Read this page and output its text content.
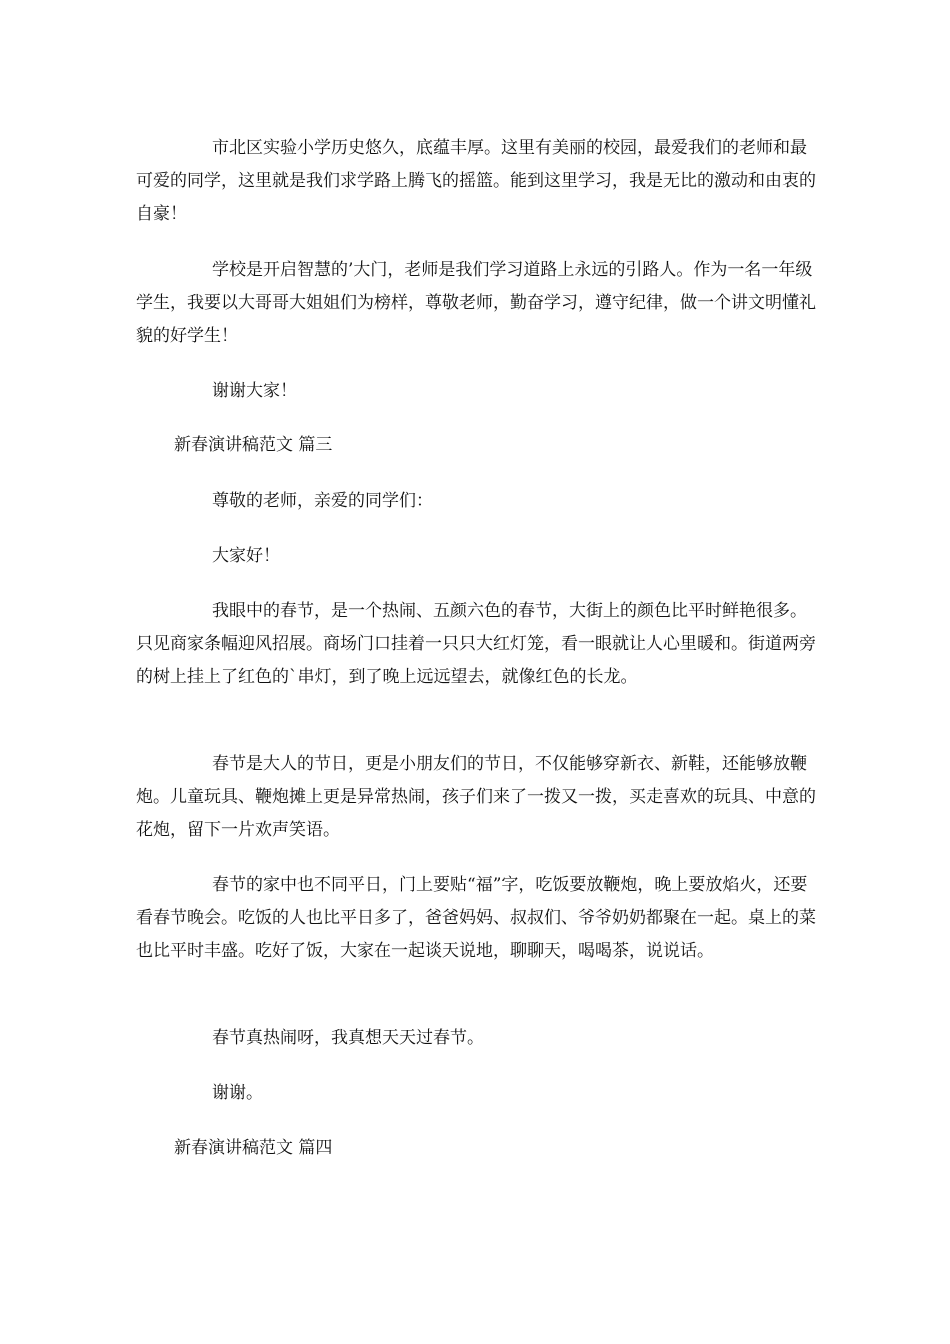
市北区实验小学历史悠久，底蕴丰厚。这里有美丽的校园，最爱我们的老师和最可爱的同学，这里就是我们求学路上腾飞的摇篮。能到这里学习，我是无比的激动和由衷的自豪！

学校是开启智慧的’大门，老师是我们学习道路上永远的引路人。作为一名一年级学生，我要以大哥哥大姐姐们为榜样，尊敬老师，勤奋学习，遵守纪律，做一个讲文明懂礼貌的好学生！

谢谢大家！

新春演讲稿范文 篇三

尊敬的老师，亲爱的同学们：

大家好！

我眼中的春节，是一个热闹、五颜六色的春节，大街上的颜色比平时鲜艳很多。只见商家条幅迎风招展。商场门口挂着一只只大红灯笼，看一眼就让人心里暖和。街道两旁的树上挂上了红色的`串灯，到了晚上远远望去，就像红色的长龙。

春节是大人的节日，更是小朋友们的节日，不仅能够穿新衣、新鞋，还能够放鞭炮。儿童玩具、鞭炮摊上更是异常热闹，孩子们来了一拨又一拨，买走喜欢的玩具、中意的花炮，留下一片欢声笑语。

春节的家中也不同平日，门上要贴“福”字，吃饭要放鞭炮，晚上要放焰火，还要看春节晚会。吃饭的人也比平日多了，爸爸妈妈、叔叔们、爷爷奶奶都聚在一起。桌上的菜也比平时丰盛。吃好了饭，大家在一起谈天说地，聊聊天，喝喝茶，说说话。

春节真热闹呀，我真想天天过春节。

谢谢。

新春演讲稿范文 篇四
